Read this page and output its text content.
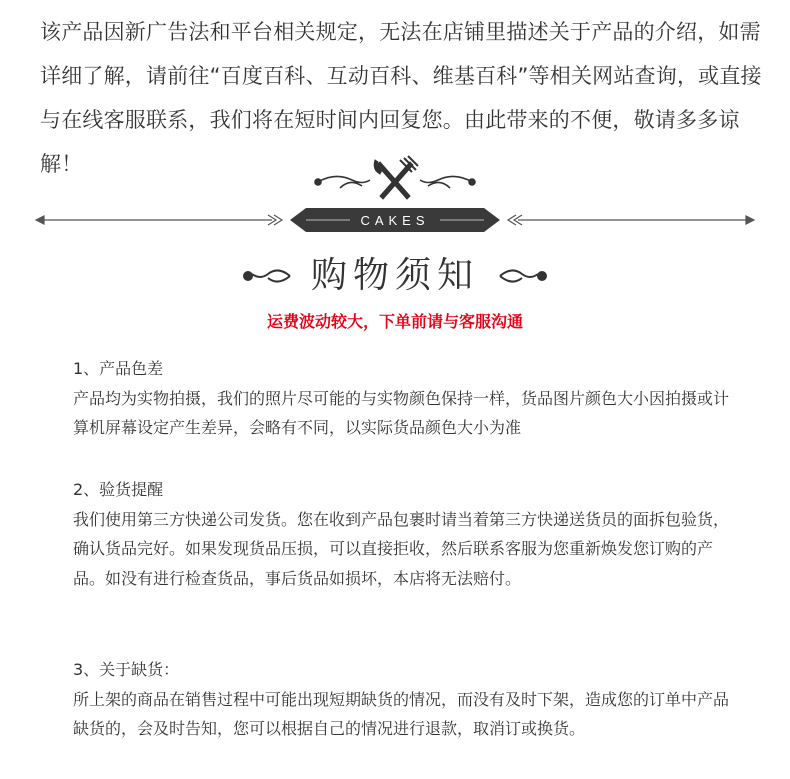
该产品因新广告法和平台相关规定，无法在店铺里描述关于产品的介绍，如需详细了解，请前往“百度百科、互动百科、维基百科”等相关网站查询，或直接与在线客服联系，我们将在短时间内回复您。由此带来的不便，敬请多多谅解！
CAKES
购物须知
运费波动较大，下单前请与客服沟通
1、产品色差
产品均为实物拍摄，我们的照片尽可能的与实物颜色保持一样，货品图片颜色大小因拍摄或计算机屏幕设定产生差异，会略有不同，以实际货品颜色大小为准
2、验货提醒
我们使用第三方快递公司发货。您在收到产品包裹时请当着第三方快递送货员的面拆包验货，确认货品完好。如果发现货品压损，可以直接拒收，然后联系客服为您重新焕发您订购的产品。如没有进行检查货品，事后货品如损坏，本店将无法赔付。
3、关于缺货：
所上架的商品在销售过程中可能出现短期缺货的情况，而没有及时下架，造成您的订单中产品缺货的，会及时告知，您可以根据自己的情况进行退款，取消订或换货。
